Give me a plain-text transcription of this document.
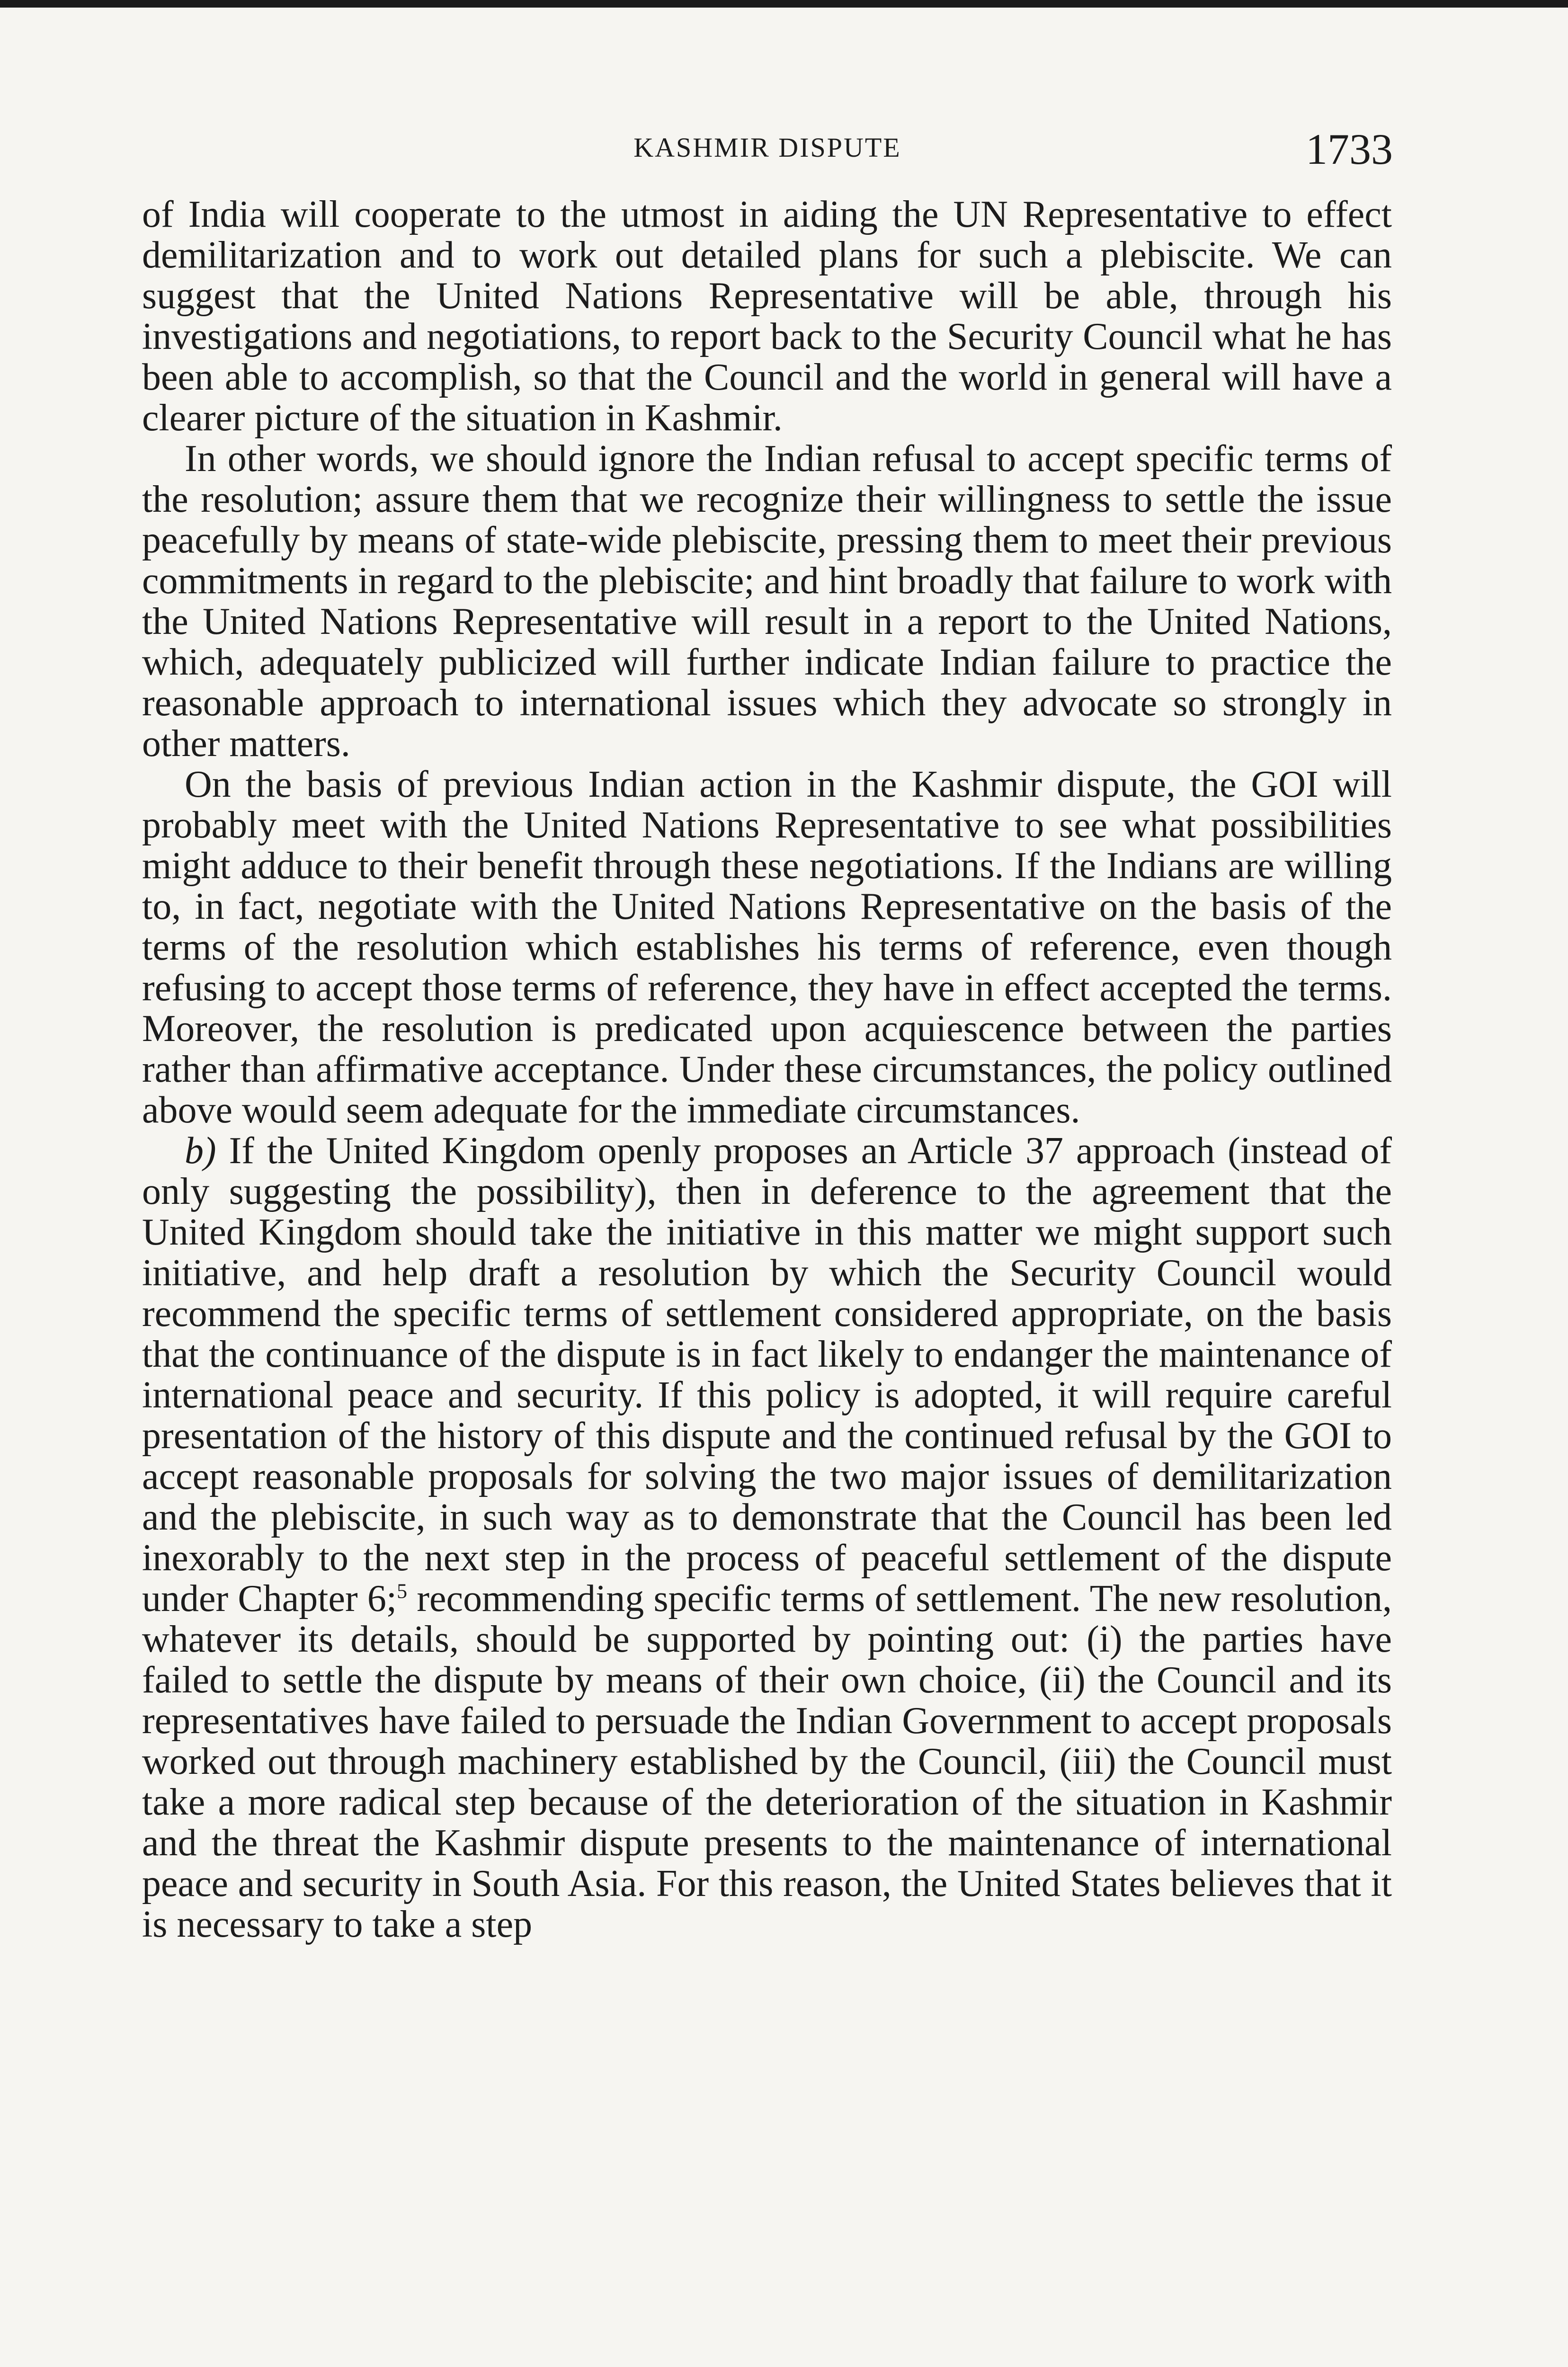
KASHMIR DISPUTE	1733

of India will cooperate to the utmost in aiding the UN Representative to effect demilitarization and to work out detailed plans for such a plebiscite. We can suggest that the United Nations Representative will be able, through his investigations and negotiations, to report back to the Security Council what he has been able to accomplish, so that the Council and the world in general will have a clearer picture of the situation in Kashmir.

In other words, we should ignore the Indian refusal to accept specific terms of the resolution; assure them that we recognize their willingness to settle the issue peacefully by means of state-wide plebiscite, pressing them to meet their previous commitments in regard to the plebiscite; and hint broadly that failure to work with the United Nations Representative will result in a report to the United Nations, which, adequately publicized will further indicate Indian failure to practice the reasonable approach to international issues which they advocate so strongly in other matters.

On the basis of previous Indian action in the Kashmir dispute, the GOI will probably meet with the United Nations Representative to see what possibilities might adduce to their benefit through these negotiations. If the Indians are willing to, in fact, negotiate with the United Nations Representative on the basis of the terms of the resolution which establishes his terms of reference, even though refusing to accept those terms of reference, they have in effect accepted the terms. Moreover, the resolution is predicated upon acquiescence between the parties rather than affirmative acceptance. Under these circumstances, the policy outlined above would seem adequate for the immediate circumstances.

b) If the United Kingdom openly proposes an Article 37 approach (instead of only suggesting the possibility), then in deference to the agreement that the United Kingdom should take the initiative in this matter we might support such initiative, and help draft a resolution by which the Security Council would recommend the specific terms of settlement considered appropriate, on the basis that the continuance of the dispute is in fact likely to endanger the maintenance of international peace and security. If this policy is adopted, it will require careful presentation of the history of this dispute and the continued refusal by the GOI to accept reasonable proposals for solving the two major issues of demilitarization and the plebiscite, in such way as to demonstrate that the Council has been led inexorably to the next step in the process of peaceful settlement of the dispute under Chapter 6;$^5$ recommending specific terms of settlement. The new resolution, whatever its details, should be supported by pointing out: (i) the parties have failed to settle the dispute by means of their own choice, (ii) the Council and its representatives have failed to persuade the Indian Government to accept proposals worked out through machinery established by the Council, (iii) the Council must take a more radical step because of the deterioration of the situation in Kashmir and the threat the Kashmir dispute presents to the maintenance of international peace and security in South Asia. For this reason, the United States believes that it is necessary to take a step
